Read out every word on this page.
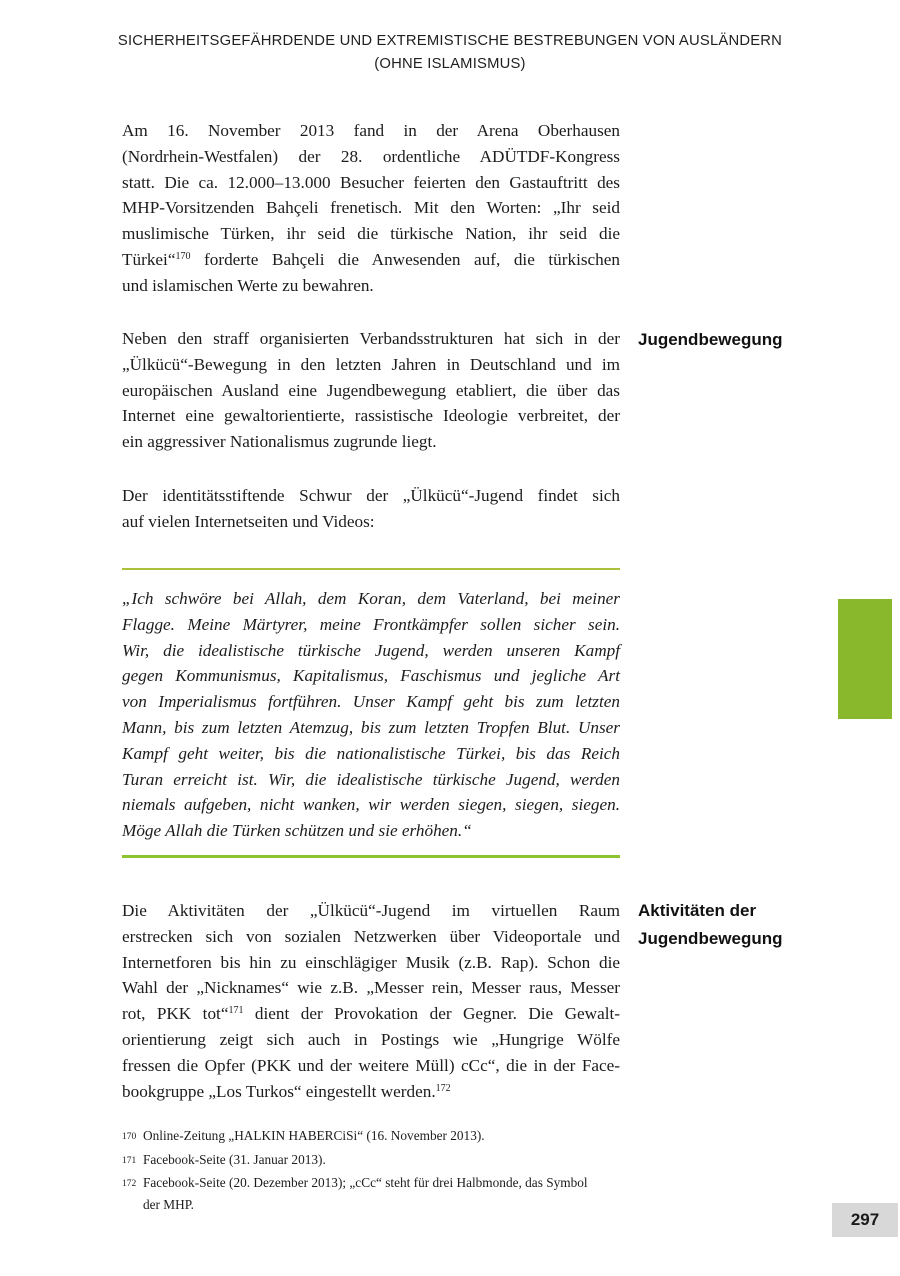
SICHERHEITSGEFÄHRDENDE UND EXTREMISTISCHE BESTREBUNGEN VON AUSLÄNDERN
(OHNE ISLAMISMUS)
Am 16. November 2013 fand in der Arena Oberhausen
(Nordrhein-Westfalen) der 28. ordentliche ADÜTDF-Kongress
statt. Die ca. 12.000–13.000 Besucher feierten den Gastauftritt des
MHP-Vorsitzenden Bahçeli frenetisch. Mit den Worten: „Ihr seid
muslimische Türken, ihr seid die türkische Nation, ihr seid die
Türkei“$^{170}$ forderte Bahçeli die Anwesenden auf, die türkischen
und islamischen Werte zu bewahren.
Neben den straff organisierten Verbandsstrukturen hat sich in der
„Ülkücü“-Bewegung in den letzten Jahren in Deutschland und im
europäischen Ausland eine Jugendbewegung etabliert, die über das
Internet eine gewaltorientierte, rassistische Ideologie verbreitet, der
ein aggressiver Nationalismus zugrunde liegt.
Jugendbewegung
Der identitätsstiftende Schwur der „Ülkücü“-Jugend findet sich
auf vielen Internetseiten und Videos:
„Ich schwöre bei Allah, dem Koran, dem Vaterland, bei meiner
Flagge. Meine Märtyrer, meine Frontkämpfer sollen sicher sein.
Wir, die idealistische türkische Jugend, werden unseren Kampf
gegen Kommunismus, Kapitalismus, Faschismus und jegliche Art
von Imperialismus fortführen. Unser Kampf geht bis zum letzten
Mann, bis zum letzten Atemzug, bis zum letzten Tropfen Blut. Unser
Kampf geht weiter, bis die nationalistische Türkei, bis das Reich
Turan erreicht ist. Wir, die idealistische türkische Jugend, werden
niemals aufgeben, nicht wanken, wir werden siegen, siegen, siegen.
Möge Allah die Türken schützen und sie erhöhen.“
Die Aktivitäten der „Ülkücü“-Jugend im virtuellen Raum
erstrecken sich von sozialen Netzwerken über Videoportale und
Internetforen bis hin zu einschlägiger Musik (z.B. Rap). Schon die
Wahl der „Nicknames“ wie z.B. „Messer rein, Messer raus, Messer
rot, PKK tot“$^{171}$ dient der Provokation der Gegner. Die Gewalt-
orientierung zeigt sich auch in Postings wie „Hungrige Wölfe
fressen die Opfer (PKK und der weitere Müll) cCc“, die in der Face-
bookgruppe „Los Turkos“ eingestellt werden.$^{172}$
Aktivitäten der
Jugendbewegung
170 Online-Zeitung „HALKIN HABERCiSi“ (16. November 2013).
171 Facebook-Seite (31. Januar 2013).
172 Facebook-Seite (20. Dezember 2013); „cCc“ steht für drei Halbmonde, das Symbol
der MHP.
297
